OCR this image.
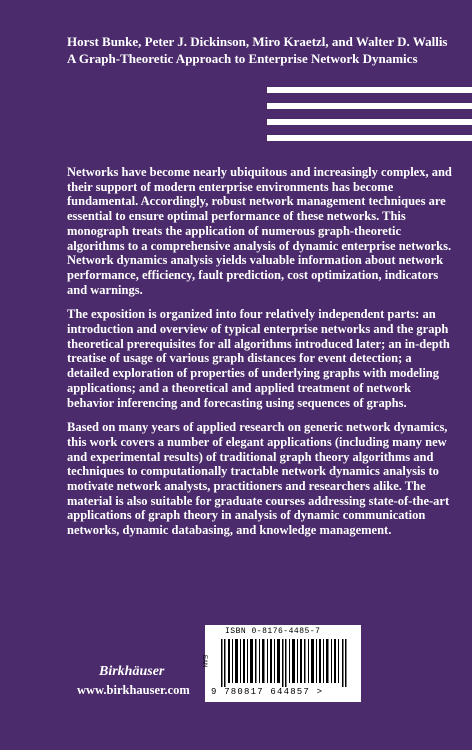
Horst Bunke, Peter J. Dickinson, Miro Kraetzl, and Walter D. Wallis
A Graph-Theoretic Approach to Enterprise Network Dynamics

Networks have become nearly ubiquitous and increasingly complex, and their support of modern enterprise environments has become fundamental. Accordingly, robust network management techniques are essential to ensure optimal performance of these networks. This monograph treats the application of numerous graph-theoretic algorithms to a comprehensive analysis of dynamic enterprise networks. Network dynamics analysis yields valuable information about network performance, efficiency, fault prediction, cost optimization, indicators and warnings.

The exposition is organized into four relatively independent parts: an introduction and overview of typical enterprise networks and the graph theoretical prerequisites for all algorithms introduced later; an in-depth treatise of usage of various graph distances for event detection; a detailed exploration of properties of underlying graphs with modeling applications; and a theoretical and applied treatment of network behavior inferencing and forecasting using sequences of graphs.

Based on many years of applied research on generic network dynamics, this work covers a number of elegant applications (including many new and experimental results) of traditional graph theory algorithms and techniques to computationally tractable network dynamics analysis to motivate network analysts, practitioners and researchers alike. The material is also suitable for graduate courses addressing state-of-the-art applications of graph theory in analysis of dynamic communication networks, dynamic databasing, and knowledge management.

ISBN 0-8176-4485-7
EAN
9 780817 644857 >
Birkhäuser
www.birkhauser.com
